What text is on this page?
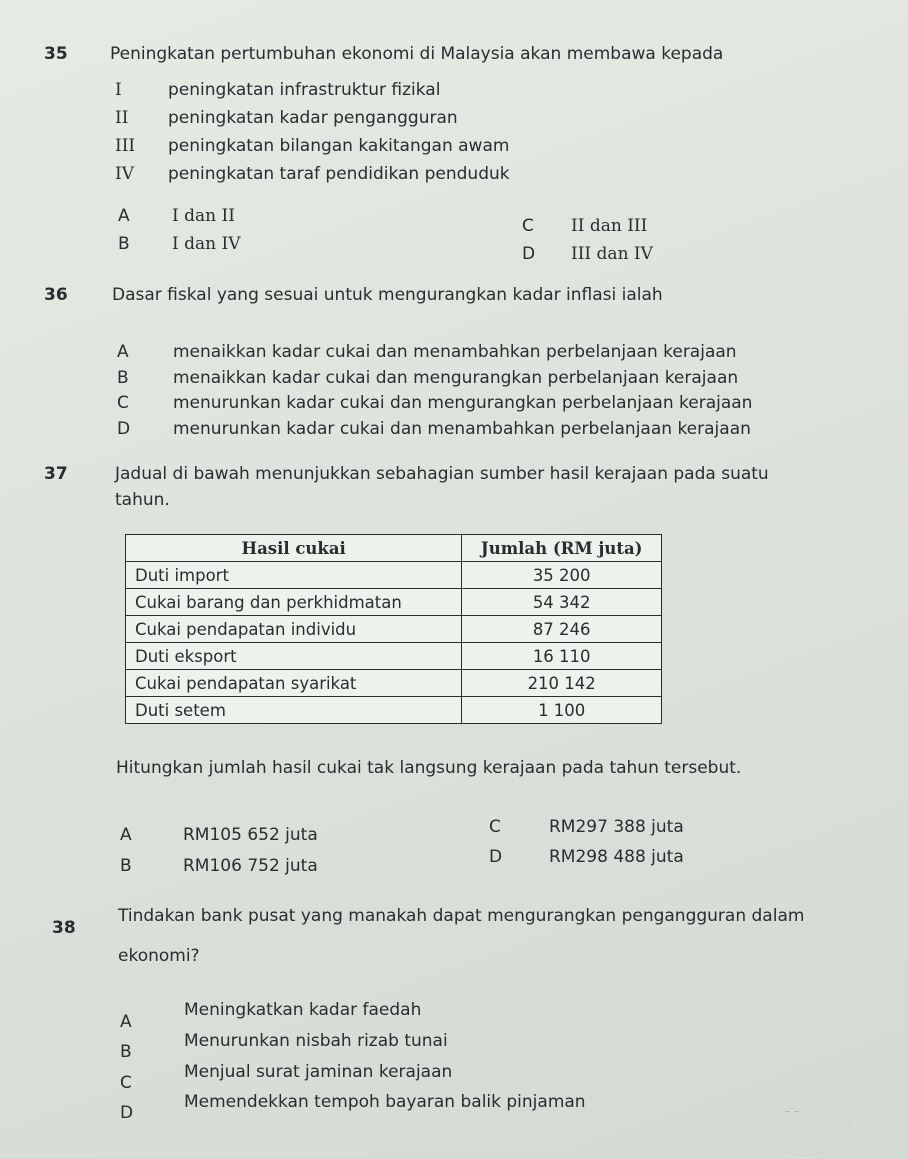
35 Peningkatan pertumbuhan ekonomi di Malaysia akan membawa kepada
I	peningkatan infrastruktur fizikal
II peningkatan kadar pengangguran
III peningkatan bilangan kakitangan awam
IV peningkatan taraf pendidikan penduduk
A I dan II
B I dan IV
C II dan III
D III dan IV
36	Dasar fiskal yang sesuai untuk mengurangkan kadar inflasi ialah
A	menaikkan kadar cukai dan menambahkan perbelanjaan kerajaan
B	menaikkan kadar cukai dan mengurangkan perbelanjaan kerajaan
C	menurunkan kadar cukai dan mengurangkan perbelanjaan kerajaan
D	menurunkan kadar cukai dan menambahkan perbelanjaan kerajaan
37	Jadual di bawah menunjukkan sebahagian sumber hasil kerajaan pada suatu
tahun.
Hasil cukai	Jumlah (RM juta)
Duti import	35 200
Cukai barang dan perkhidmatan	54 342
Cukai pendapatan individu	87 246
Duti eksport	16 110
Cukai pendapatan syarikat	210 142
Duti setem	1 100
Hitungkan jumlah hasil cukai tak langsung kerajaan pada tahun tersebut.
A	RM105 652 juta
B	RM106 752 juta
C	RM297 388 juta
D	RM298 488 juta
38
Tindakan bank pusat yang manakah dapat mengurangkan pengangguran dalam
ekonomi?
A
Meningkatkan kadar faedah
B
Menurunkan nisbah rizab tunai
C
Menjual surat jaminan kerajaan
D
Memendekkan tempoh bayaran balik pinjaman	~ ~
